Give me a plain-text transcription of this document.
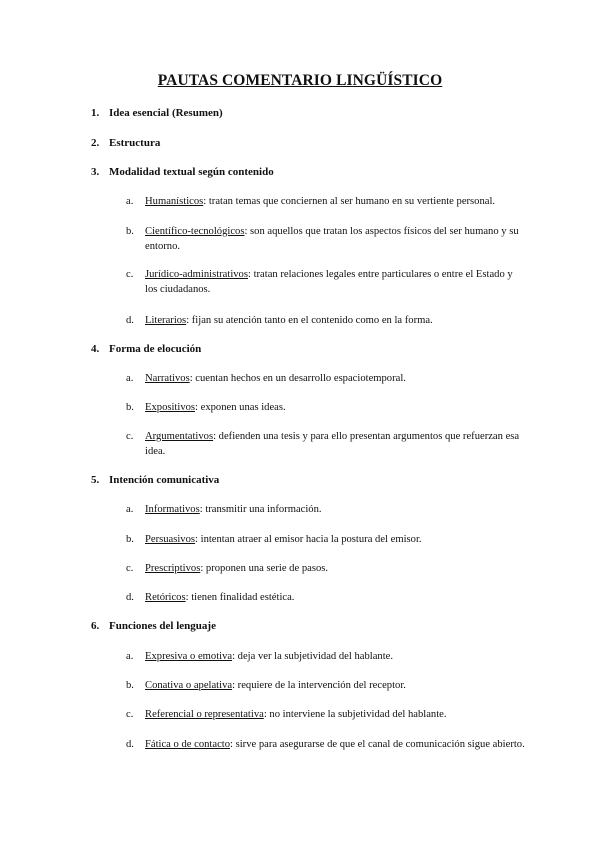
PAUTAS COMENTARIO LINGÜÍSTICO
1. Idea esencial (Resumen)
2. Estructura
3. Modalidad textual según contenido
a. Humanísticos: tratan temas que conciernen al ser humano en su vertiente personal.
b. Científico-tecnológicos: son aquellos que tratan los aspectos físicos del ser humano y su entorno.
c. Jurídico-administrativos: tratan relaciones legales entre particulares o entre el Estado y los ciudadanos.
d. Literarios: fijan su atención tanto en el contenido como en la forma.
4. Forma de elocución
a. Narrativos: cuentan hechos en un desarrollo espaciotemporal.
b. Expositivos: exponen unas ideas.
c. Argumentativos: defienden una tesis y para ello presentan argumentos que refuerzan esa idea.
5. Intención comunicativa
a. Informativos: transmitir una información.
b. Persuasivos: intentan atraer al emisor hacia la postura del emisor.
c. Prescriptivos: proponen una serie de pasos.
d. Retóricos: tienen finalidad estética.
6. Funciones del lenguaje
a. Expresiva o emotiva: deja ver la subjetividad del hablante.
b. Conativa o apelativa: requiere de la intervención del receptor.
c. Referencial o representativa: no interviene la subjetividad del hablante.
d. Fática o de contacto: sirve para asegurarse de que el canal de comunicación sigue abierto.
